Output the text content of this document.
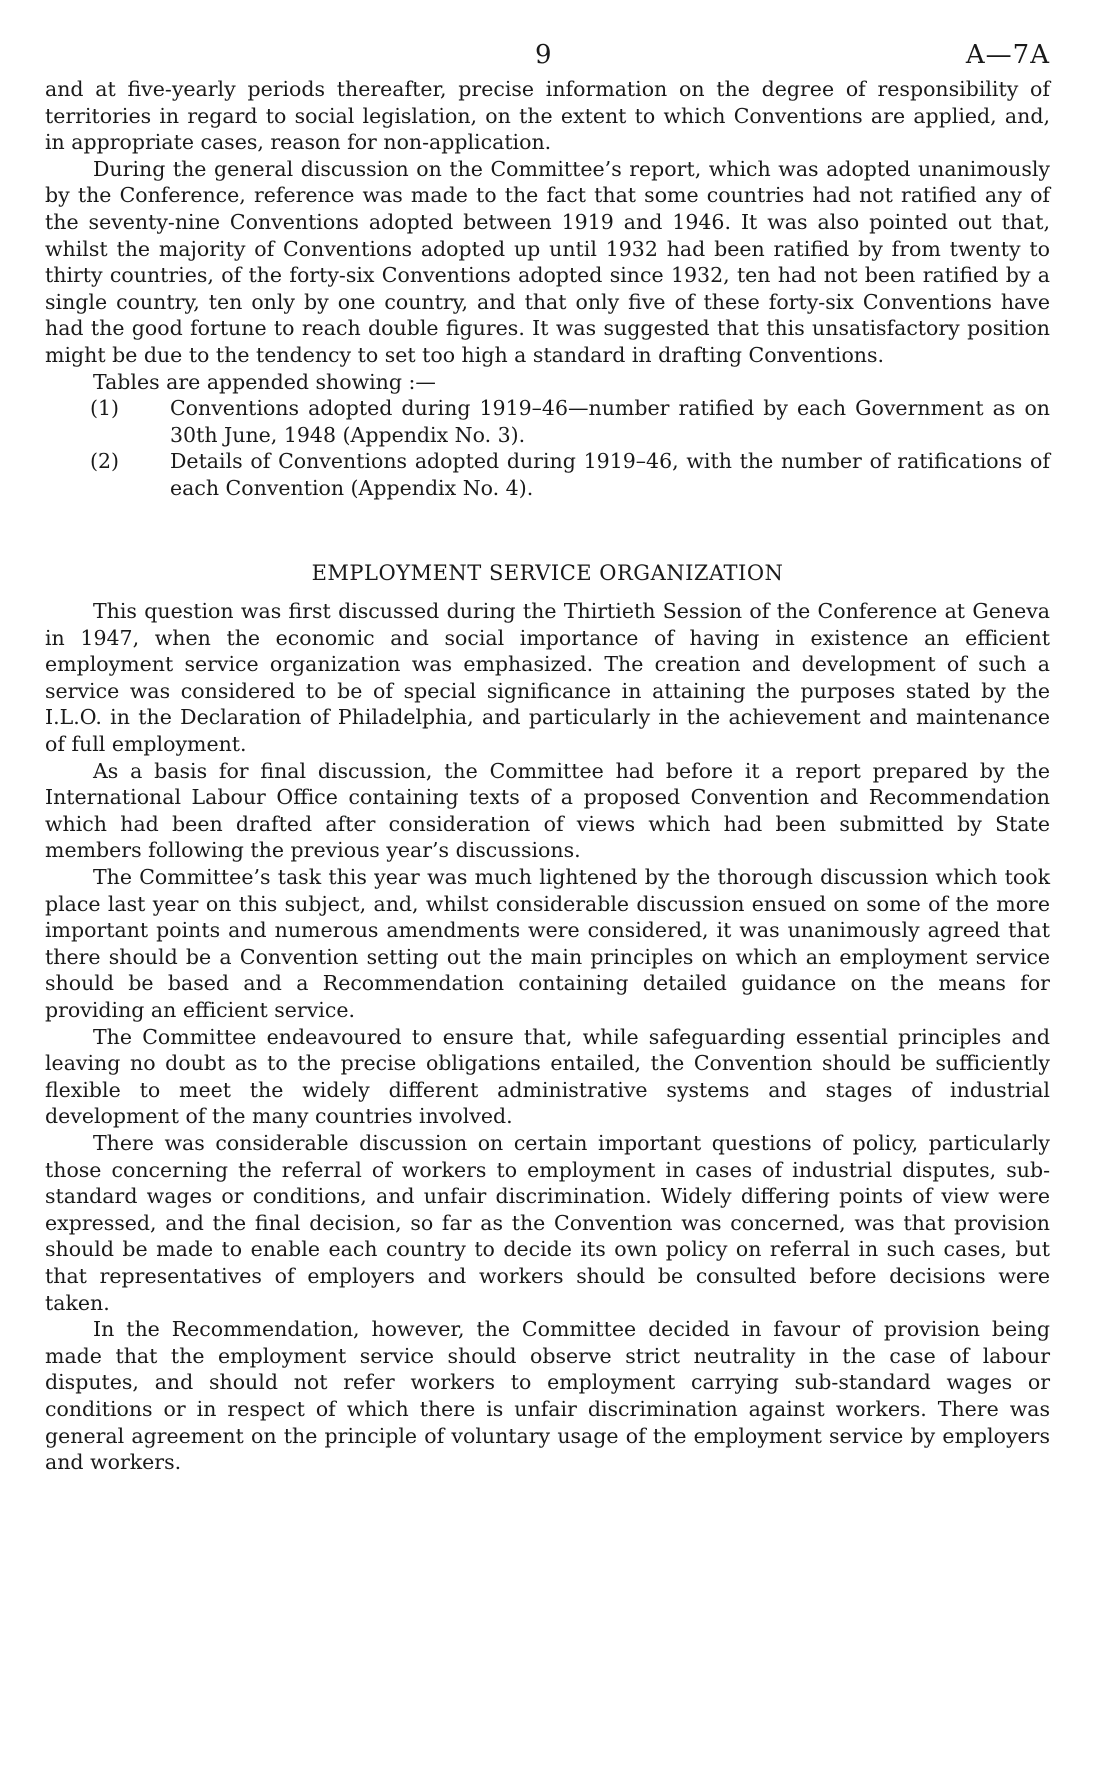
9	A—7A

and at five-yearly periods thereafter, precise information on the degree of responsibility of territories in regard to social legislation, on the extent to which Conventions are applied, and, in appropriate cases, reason for non-application.

During the general discussion on the Committee’s report, which was adopted unanimously by the Conference, reference was made to the fact that some countries had not ratified any of the seventy-nine Conventions adopted between 1919 and 1946. It was also pointed out that, whilst the majority of Conventions adopted up until 1932 had been ratified by from twenty to thirty countries, of the forty-six Conventions adopted since 1932, ten had not been ratified by a single country, ten only by one country, and that only five of these forty-six Conventions have had the good fortune to reach double figures. It was suggested that this unsatisfactory position might be due to the tendency to set too high a standard in drafting Conventions.

Tables are appended showing :—

(1) Conventions adopted during 1919–46—number ratified by each Government as on 30th June, 1948 (Appendix No. 3).

(2) Details of Conventions adopted during 1919–46, with the number of ratifications of each Convention (Appendix No. 4).

EMPLOYMENT SERVICE ORGANIZATION

This question was first discussed during the Thirtieth Session of the Conference at Geneva in 1947, when the economic and social importance of having in existence an efficient employment service organization was emphasized. The creation and development of such a service was considered to be of special significance in attaining the purposes stated by the I.L.O. in the Declaration of Philadelphia, and particularly in the achievement and maintenance of full employment.

As a basis for final discussion, the Committee had before it a report prepared by the International Labour Office containing texts of a proposed Convention and Recommendation which had been drafted after consideration of views which had been submitted by State members following the previous year’s discussions.

The Committee’s task this year was much lightened by the thorough discussion which took place last year on this subject, and, whilst considerable discussion ensued on some of the more important points and numerous amendments were considered, it was unanimously agreed that there should be a Convention setting out the main principles on which an employment service should be based and a Recommendation containing detailed guidance on the means for providing an efficient service.

The Committee endeavoured to ensure that, while safeguarding essential principles and leaving no doubt as to the precise obligations entailed, the Convention should be sufficiently flexible to meet the widely different administrative systems and stages of industrial development of the many countries involved.

There was considerable discussion on certain important questions of policy, particularly those concerning the referral of workers to employment in cases of industrial disputes, sub-standard wages or conditions, and unfair discrimination. Widely differing points of view were expressed, and the final decision, so far as the Convention was concerned, was that provision should be made to enable each country to decide its own policy on referral in such cases, but that representatives of employers and workers should be consulted before decisions were taken.

In the Recommendation, however, the Committee decided in favour of provision being made that the employment service should observe strict neutrality in the case of labour disputes, and should not refer workers to employment carrying sub-standard wages or conditions or in respect of which there is unfair discrimination against workers. There was general agreement on the principle of voluntary usage of the employment service by employers and workers.
